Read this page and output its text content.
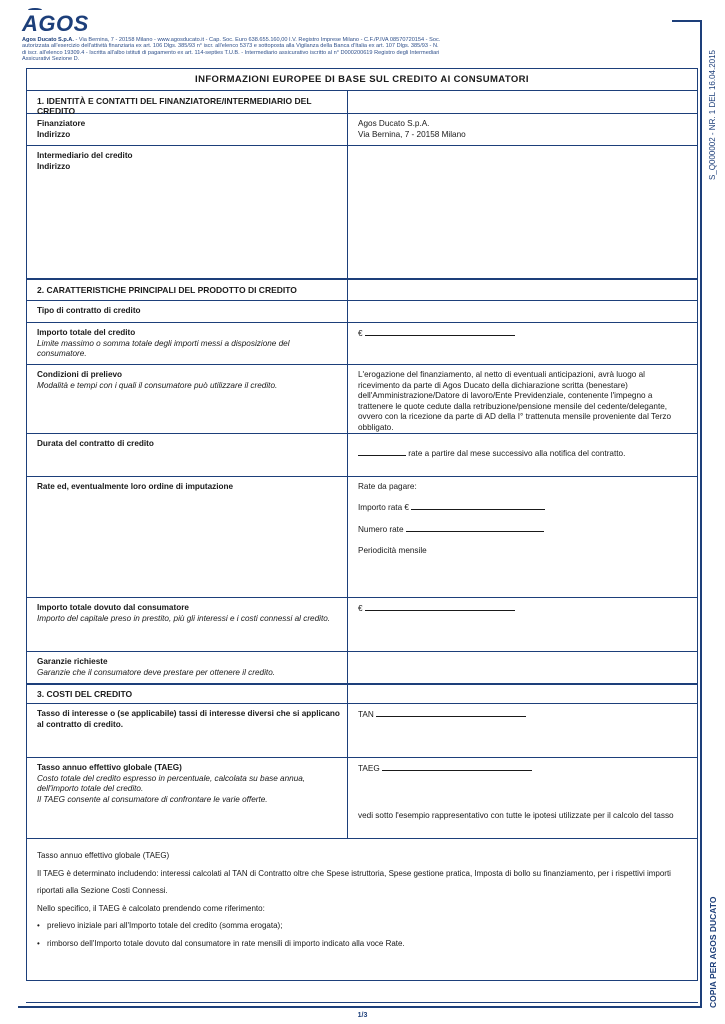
AGOS
Agos Ducato S.p.A. - Via Bernina, 7 - 20158 Milano - www.agosducato.it - Cap. Soc. Euro 638.655.160,00 I.V. Registro Imprese Milano - C.F./P.IVA 08570720154 - Soc. autorizzata all'esercizio dell'attività finanziaria ex art. 106 Dlgs. 385/93 n° iscr. all'elenco 5373 e sottoposta alla Vigilanza della Banca d'Italia ex art. 107 Dlgs. 385/93 - N. di iscr. all'elenco 19309.4 - Iscritta all'albo istituti di pagamento ex art. 114-septies T.U.B. - Intermediario assicurativo iscritto al n° D000200619 Registro degli Intermediari Assicurativi Sezione D.	S_Q000002 - NR. 1 DEL 16.04.2015
COPIA PER AGOS DUCATO
INFORMAZIONI EUROPEE DI BASE SUL CREDITO AI CONSUMATORI
1. IDENTITÀ E CONTATTI DEL FINANZIATORE/INTERMEDIARIO DEL CREDITO
Finanziatore
Indirizzo
Agos Ducato S.p.A.
Via Bernina, 7 - 20158 Milano
Intermediario del credito
Indirizzo
2. CARATTERISTICHE PRINCIPALI DEL PRODOTTO DI CREDITO
Tipo di contratto di credito
Importo totale del credito
Limite massimo o somma totale degli importi messi a disposizione del consumatore.
€
Condizioni di prelievo
Modalità e tempi con i quali il consumatore può utilizzare il credito.
L'erogazione del finanziamento, al netto di eventuali anticipazioni, avrà luogo al ricevimento da parte di Agos Ducato della dichiarazione scritta (benestare) dell'Amministrazione/Datore di lavoro/Ente Previdenziale, contenente l'impegno a trattenere le quote cedute dalla retribuzione/pensione mensile del cedente/delegante, ovvero con la ricezione da parte di AD della I° trattenuta mensile proveniente dal Terzo obbligato.
Durata del contratto di credito
rate a partire dal mese successivo alla notifica del contratto.
Rate ed, eventualmente loro ordine di imputazione	Rate da pagare:
Importo rata €
Numero rate
Periodicità mensile
Importo totale dovuto dal consumatore
Importo del capitale preso in prestito, più gli interessi e i costi connessi al credito.
€
Garanzie richieste
Garanzie che il consumatore deve prestare per ottenere il credito.
3. COSTI DEL CREDITO
Tasso di interesse o (se applicabile) tassi di interesse diversi che si applicano al contratto di credito.
TAN
Tasso annuo effettivo globale (TAEG)
Costo totale del credito espresso in percentuale, calcolata su base annua, dell'importo totale del credito.
Il TAEG consente al consumatore di confrontare le varie offerte.
TAEG
vedi sotto l'esempio rappresentativo con tutte le ipotesi utilizzate per il calcolo del tasso
Tasso annuo effettivo globale (TAEG)
Il TAEG è determinato includendo: interessi calcolati al TAN di Contratto oltre che Spese istruttoria, Spese gestione pratica, Imposta di bollo su finanziamento, per i rispettivi importi riportati alla Sezione Costi Connessi.
Nello specifico, il TAEG è calcolato prendendo come riferimento:
• prelievo iniziale pari all'Importo totale del credito (somma erogata);
• rimborso dell'Importo totale dovuto dal consumatore in rate mensili di importo indicato alla voce Rate.
1/3
